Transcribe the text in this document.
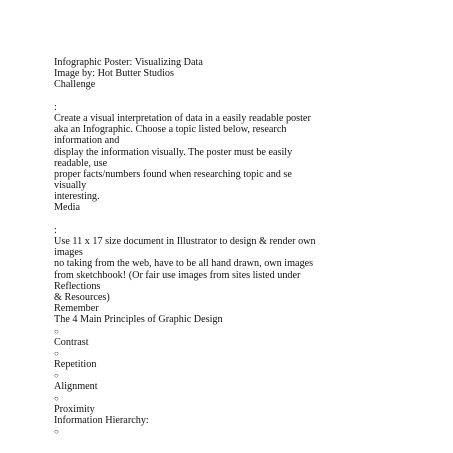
Infographic Poster: Visualizing Data
Image by: Hot Butter Studios
Challenge
:
Create a visual interpretation of data in a easily readable poster
aka an Infographic. Choose a topic listed below, research
information and
display the information visually. The poster must be easily
readable, use
proper facts/numbers found when researching topic and se
visually
interesting.
Media
:
Use 11 x 17 size document in Illustrator to design & render own
images
no taking from the web, have to be all hand drawn, own images
from sketchbook! (Or fair use images from sites listed under
Reflections
& Resources)
Remember
The 4 Main Principles of Graphic Design
○
Contrast
○
Repetition
○
Alignment
○
Proximity
Information Hierarchy:
○
